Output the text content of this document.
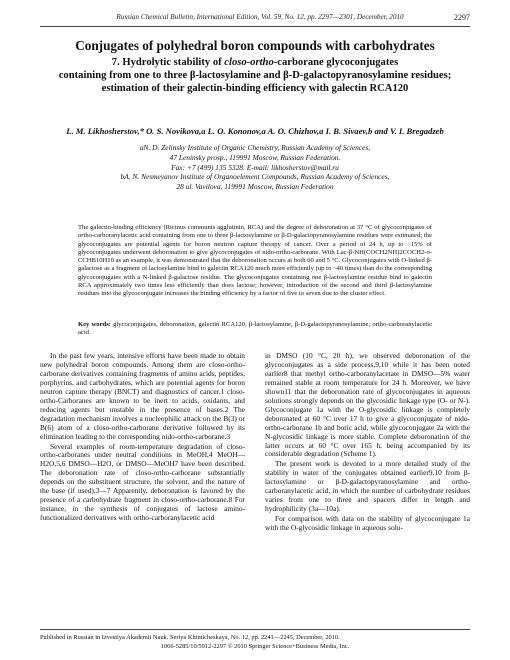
Russian Chemical Bulletin, International Edition, Vol. 59, No. 12, pp. 2297—2301, December, 2010	2297
Conjugates of polyhedral boron compounds with carbohydrates
7. Hydrolytic stability of closo-ortho-carborane glycoconjugates
containing from one to three β-lactosylamine and β-D-galactopyranosylamine residues;
estimation of their galectin-binding efficiency with galectin RCA120
L. M. Likhosherstov,* O. S. Novikova,a L. O. Kononov,a A. O. Chizhov,a I. B. Sivaev,b and V. I. Bregadzeb
aN. D. Zelinsky Institute of Organic Chemistry, Russian Academy of Sciences,
47 Leninsky prosp., 119991 Moscow, Russian Federation.
Fax: +7 (499) 135 5328. E-mail: likhosherstov@mail.ru
bA. N. Nesmeyanov Institute of Organoelement Compounds, Russian Academy of Sciences,
28 ul. Vavilova, 119991 Moscow, Russian Federation
The galectin-binding efficiency (Ricinus communis agglutinin, RCA) and the degree of deboronation at 37 °C of glycoconjugates of ortho-carboranylacetic acid containing from one to three β-lactosylamine or β-D-galactopyranosylamine residues were estimated; the glycoconjugates are potential agents for boron neutron capture therapy of cancer. Over a period of 24 h, up to ~15% of glycoconjugates underwent deboronation to give glycoconjugates of nido-ortho-carborane. With Lac-β-NH(COCH2NH)2COCH2-o-CCHB10H10 as an example, it was demonstrated that the deboronation occurs at both 60 and 5 °C. Glycoconjugates with O-linked β-galactose as a fragment of lactosylamine bind to galectin RCA120 much more efficiently (up to ~40 times) than do the corresponding glycoconjugates with a N-linked β-galactose residue. The glycoconjugates containing one β-lactosylamine residue bind to galectin RCA approximately two times less efficiently than does lactose; however, introduction of the second and third β-lactosylamine residues into the glycoconjugate increases the binding efficiency by a factor of five to seven due to the cluster effect.
Key words: glycoconjugates, deboronation, galectin RCA120, β-lactosylamine, β-D-galactopyranosylamine, ortho-carboranylacetic acid.

In the past few years, intensive efforts have been made to obtain new polyhedral boron compounds. Among them are closo-ortho-carborane derivatives containing fragments of amino acids, peptides, porphyrins, and carbohydrates, which are potential agents for boron neutron capture therapy (BNCT) and diagnostics of cancer.1 closo-ortho-Carboranes are known to be inert to acids, oxidants, and reducing agents but unstable in the presence of bases.2 The degradation mechanism involves a nucleophilic attack on the B(3) or B(6) atom of a closo-ortho-carborane derivative followed by its elimination leading to the corresponding nido-ortho-carborane.3

Several examples of room-temperature degradation of closo-ortho-carboranes under neutral conditions in MeOH,4 MeOH—H2O,5,6 DMSO—H2O, or DMSO—MeOH7 have been described. The deboronation rate of closo-ortho-carborane substantially depends on the substituent structure, the solvent, and the nature of the base (if used).3—7 Apparently, deboronation is favored by the presence of a carbohydrate fragment in closo-ortho-carborane.8 For instance, in the synthesis of conjugates of lactose amino-functionalized derivatives with ortho-carboranylacetic acid

in DMSO (10 °C, 20 h), we observed deboronation of the glycoconjugates as a side process,9,10 while it has been noted earlier8 that methyl ortho-carboranylacetate in DMSO—5% water remained stable at room temperature for 24 h. Moreover, we have shown11 that the deboronation rate of glycoconjugates in aqueous solutions strongly depends on the glycosidic linkage type (O- or N-). Glycoconjugate 1a with the O-glycosidic linkage is completely deboronated at 60 °C over 17 h to give a glycoconjugate of nido-ortho-carborane 1b and boric acid, while glycoconjugate 2a with the N-glycosidic linkage is more stable. Complete deboronation of the latter occurs at 60 °C over 165 h, being accompanied by its considerable degradation (Scheme 1).

The present work is devoted to a more detailed study of the stability in water of the conjugates obtained earlier9,10 from β-lactosylamine or β-D-galactopyranosylamine and ortho-carboranylacetic acid, in which the number of carbohydrate residues varies from one to three and spacers differ in length and hydrophilicity (3a—10a).

For comparison with data on the stability of glycoconjugate 1a with the O-glycosidic linkage in aqueous solu-

Published in Russian in Izvestiya Akademii Nauk. Seriya Khimicheskaya, No. 12, pp. 2241—2245, December, 2010.
1066-5285/10/5912-2297 © 2010 Springer Science+Business Media, Inc.
